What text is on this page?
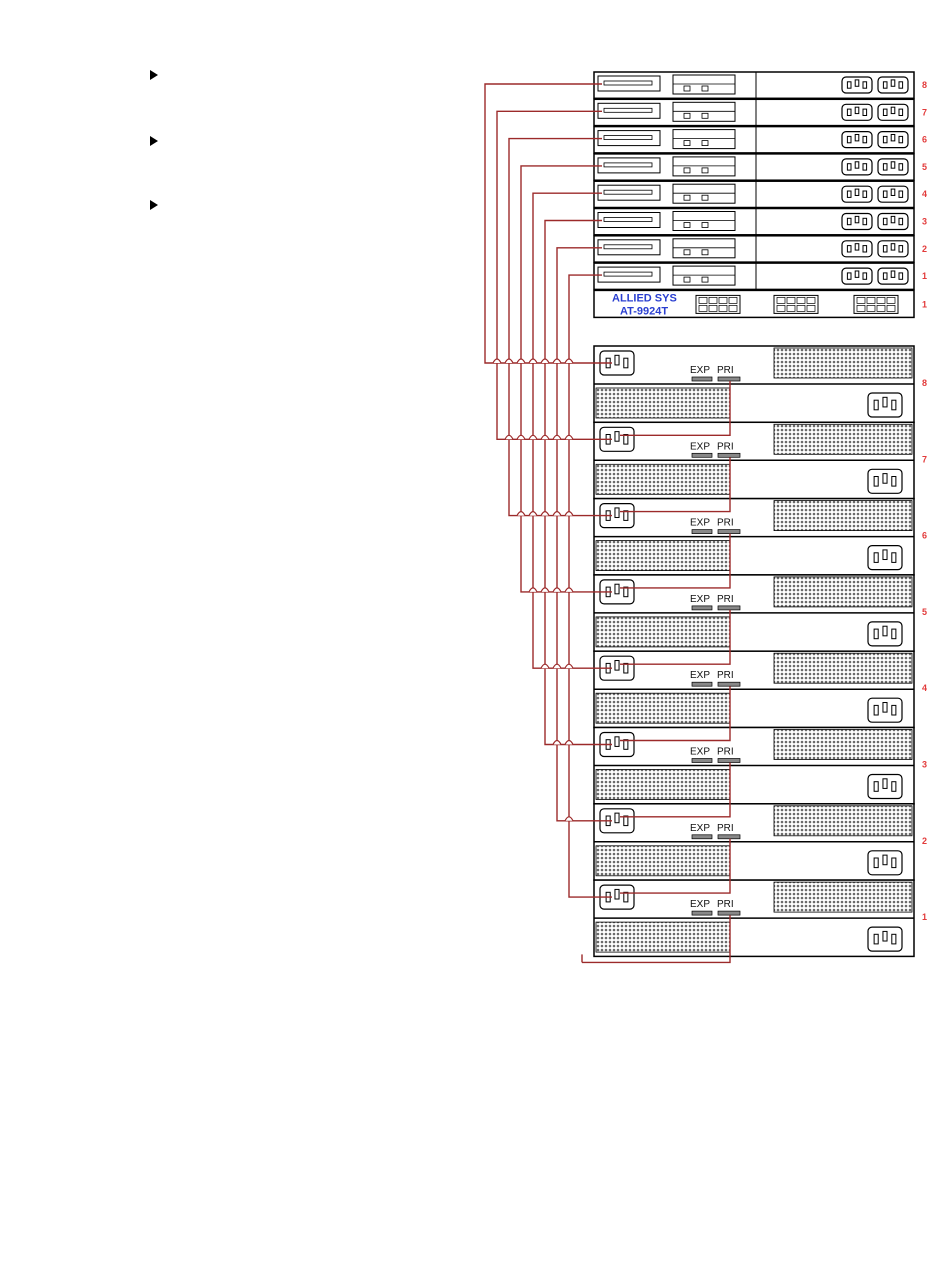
8
7
6
5
4
3
2
1
ALLIED SYS
AT-9924T
1
EXP PRI
8
EXP PRI
7
EXP PRI
6
EXP PRI
5
EXP PRI
4
EXP PRI
3
EXP PRI
2
EXP PRI
1
